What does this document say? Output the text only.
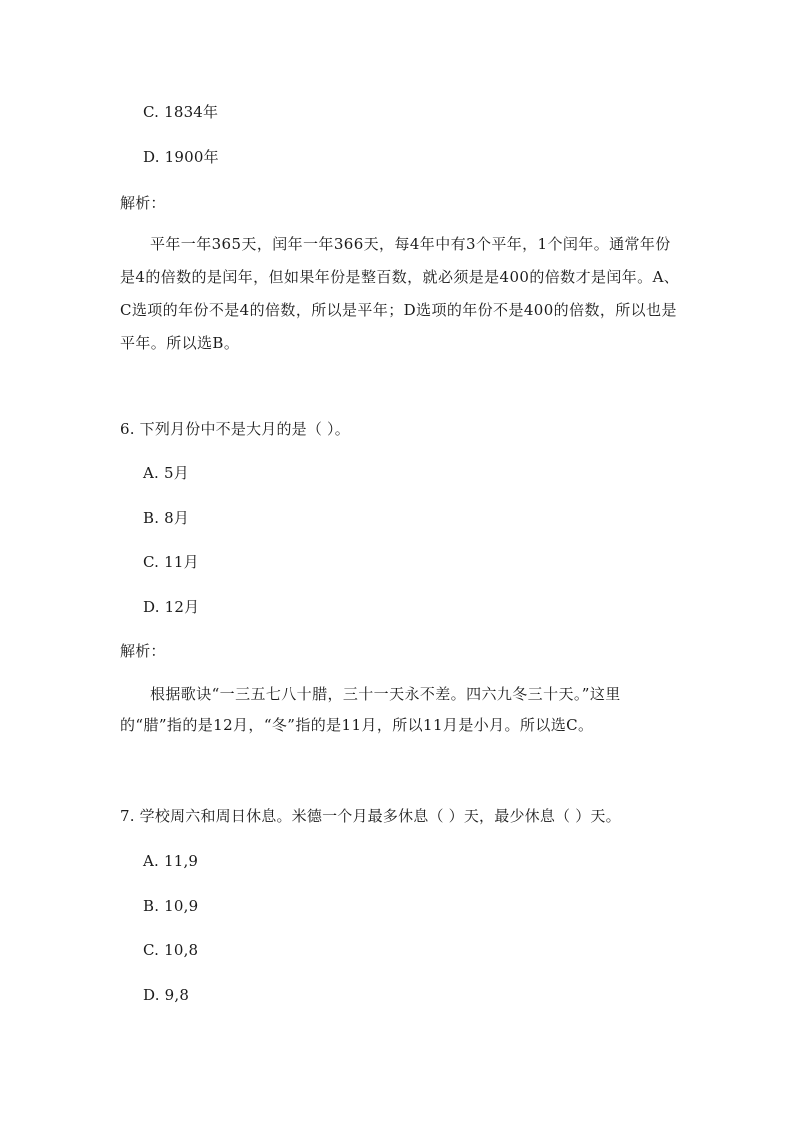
C. 1834年
D. 1900年
解析：
平年一年365天，闰年一年366天，每4年中有3个平年，1个闰年。通常年份是4的倍数的是闰年，但如果年份是整百数，就必须是是400的倍数才是闰年。A、C选项的年份不是4的倍数，所以是平年；D选项的年份不是400的倍数，所以也是平年。所以选B。
6. 下列月份中不是大月的是（ ）。
A. 5月
B. 8月
C. 11月
D. 12月
解析：
根据歌诀“一三五七八十腊，三十一天永不差。四六九冬三十天。”这里的“腊”指的是12月，“冬”指的是11月，所以11月是小月。所以选C。
7. 学校周六和周日休息。米德一个月最多休息（ ）天，最少休息（ ）天。
A. 11,9
B. 10,9
C. 10,8
D. 9,8
